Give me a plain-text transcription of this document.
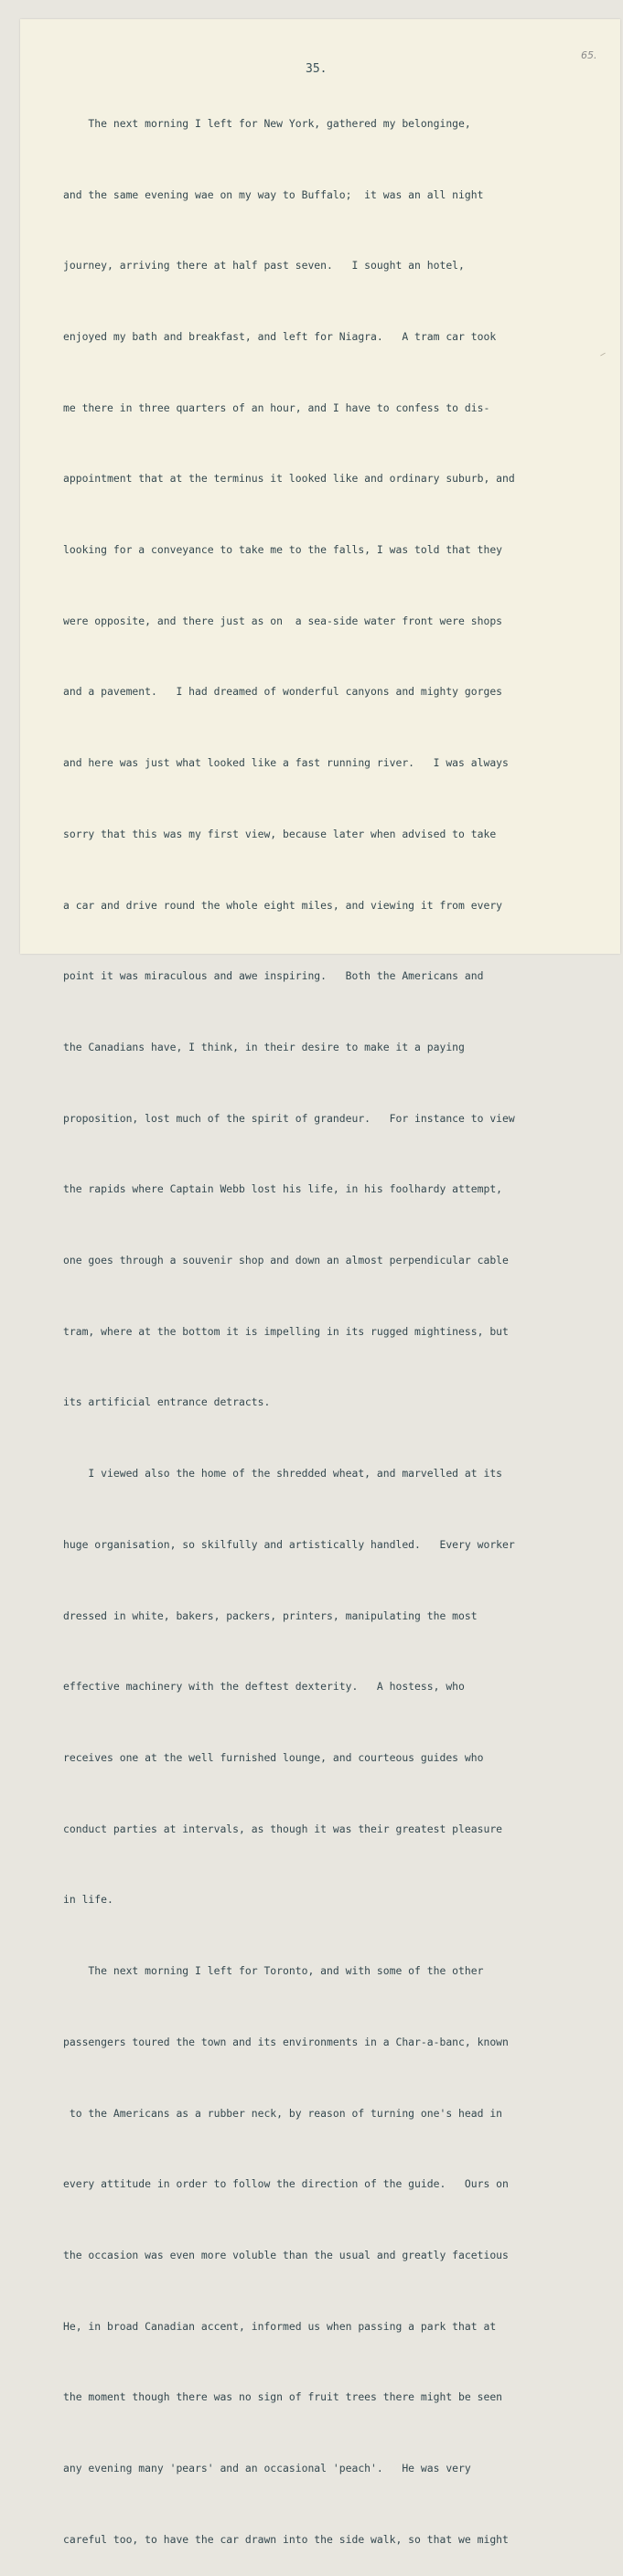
65.
35.

The next morning I left for New York, gathered my belonginge,

and the same evening wae on my way to Buffalo;  it was an all night

journey, arriving there at half past seven.   I sought an hotel,

enjoyed my bath and breakfast, and left for Niagra.   A tram car took

me there in three quarters of an hour, and I have to confess to dis-

appointment that at the terminus it looked like and ordinary suburb, and

looking for a conveyance to take me to the falls, I was told that they

were opposite, and there just as on  a sea-side water front were shops

and a pavement.   I had dreamed of wonderful canyons and mighty gorges

and here was just what looked like a fast running river.   I was always

sorry that this was my first view, because later when advised to take

a car and drive round the whole eight miles, and viewing it from every

point it was miraculous and awe inspiring.   Both the Americans and

the Canadians have, I think, in their desire to make it a paying

proposition, lost much of the spirit of grandeur.   For instance to view

the rapids where Captain Webb lost his life, in his foolhardy attempt,

one goes through a souvenir shop and down an almost perpendicular cable

tram, where at the bottom it is impelling in its rugged mightiness, but

its artificial entrance detracts.

I viewed also the home of the shredded wheat, and marvelled at its

huge organisation, so skilfully and artistically handled.   Every worker

dressed in white, bakers, packers, printers, manipulating the most

effective machinery with the deftest dexterity.   A hostess, who

receives one at the well furnished lounge, and courteous guides who

conduct parties at intervals, as though it was their greatest pleasure

in life.

The next morning I left for Toronto, and with some of the other

passengers toured the town and its environments in a Char-a-banc, known

to the Americans as a rubber neck, by reason of turning one's head in

every attitude in order to follow the direction of the guide.   Ours on

the occasion was even more voluble than the usual and greatly facetious

He, in broad Canadian accent, informed us when passing a park that at

the moment though there was no sign of fruit trees there might be seen

any evening many 'pears' and an occasional 'peach'.   He was very

careful too, to have the car drawn into the side walk, so that we might
